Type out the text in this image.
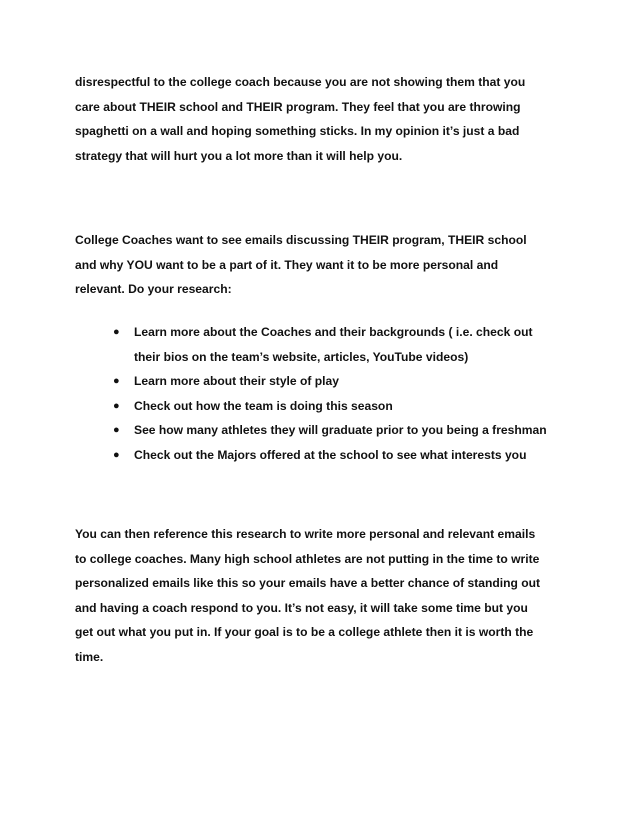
disrespectful to the college coach because you are not showing them that you
care about THEIR school and THEIR program. They feel that you are throwing
spaghetti on a wall and hoping something sticks. In my opinion it’s just a bad
strategy that will hurt you a lot more than it will help you.

College Coaches want to see emails discussing THEIR program, THEIR school
and why YOU want to be a part of it. They want it to be more personal and
relevant. Do your research:

● Learn more about the Coaches and their backgrounds ( i.e. check out
their bios on the team’s website, articles, YouTube videos)
● Learn more about their style of play
● Check out how the team is doing this season
● See how many athletes they will graduate prior to you being a freshman
● Check out the Majors offered at the school to see what interests you

You can then reference this research to write more personal and relevant emails
to college coaches. Many high school athletes are not putting in the time to write
personalized emails like this so your emails have a better chance of standing out
and having a coach respond to you. It’s not easy, it will take some time but you
get out what you put in. If your goal is to be a college athlete then it is worth the
time.
